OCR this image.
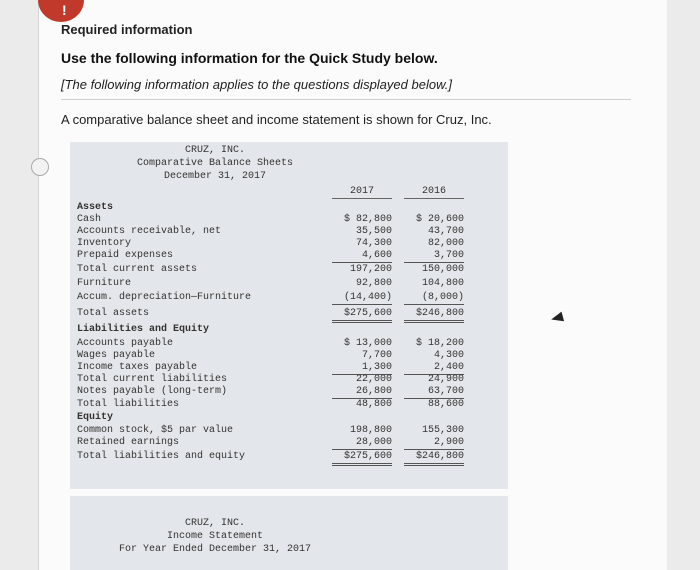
!
Required information
Use the following information for the Quick Study below.
[The following information applies to the questions displayed below.]
A comparative balance sheet and income statement is shown for Cruz, Inc.
CRUZ, INC.
Comparative Balance Sheets
December 31, 2017
2017	2016
Assets
Cash	$ 82,800	$ 20,600
Accounts receivable, net	35,500	43,700
Inventory	74,300	82,000
Prepaid expenses	4,600	3,700
Total current assets	197,200	150,000
Furniture	92,800	104,800
Accum. depreciation—Furniture	(14,400)	(8,000)
Total assets	$275,600	$246,800
Liabilities and Equity
Accounts payable	$ 13,000	$ 18,200
Wages payable	7,700	4,300
Income taxes payable	1,300	2,400
Total current liabilities	22,000	24,900
Notes payable (long-term)	26,800	63,700
Total liabilities	48,800	88,600
Equity
Common stock, $5 par value	198,800	155,300
Retained earnings	28,000	2,900
Total liabilities and equity	$275,600	$246,800
CRUZ, INC.
Income Statement
For Year Ended December 31, 2017
